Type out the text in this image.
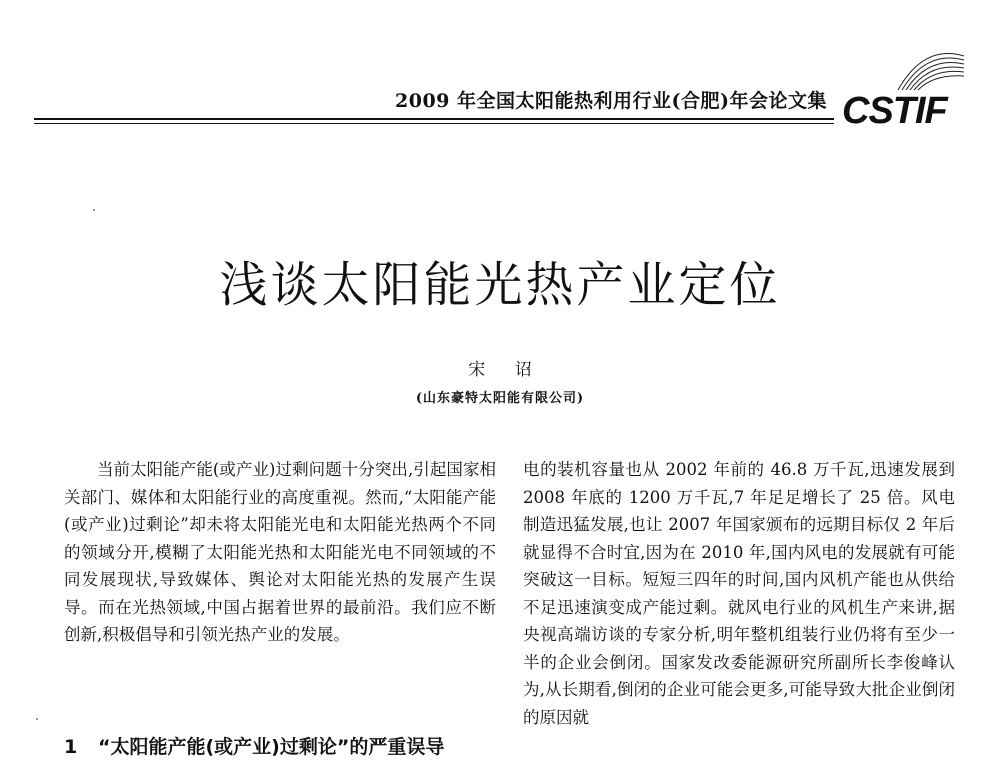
2009 年全国太阳能热利用行业(合肥)年会论文集 CSTIF
浅谈太阳能光热产业定位
宋 诏
(山东豪特太阳能有限公司)

当前太阳能产能(或产业)过剩问题十分突出,引起国家相关部门、媒体和太阳能行业的高度重视。然而,“太阳能产能(或产业)过剩论”却未将太阳能光电和太阳能光热两个不同的领域分开,模糊了太阳能光热和太阳能光电不同领域的不同发展现状,导致媒体、舆论对太阳能光热的发展产生误导。而在光热领域,中国占据着世界的最前沿。我们应不断创新,积极倡导和引领光热产业的发展。

1 “太阳能产能(或产业)过剩论”的严重误导

电的装机容量也从 2002 年前的 46.8 万千瓦,迅速发展到 2008 年底的 1200 万千瓦,7 年足足增长了 25 倍。风电制造迅猛发展,也让 2007 年国家颁布的远期目标仅 2 年后就显得不合时宜,因为在 2010 年,国内风电的发展就有可能突破这一目标。短短三四年的时间,国内风机产能也从供给不足迅速演变成产能过剩。就风电行业的风机生产来讲,据央视高端访谈的专家分析,明年整机组装行业仍将有至少一半的企业会倒闭。国家发改委能源研究所副所长李俊峰认为,从长期看,倒闭的企业可能会更多,可能导致大批企业倒闭的原因就
